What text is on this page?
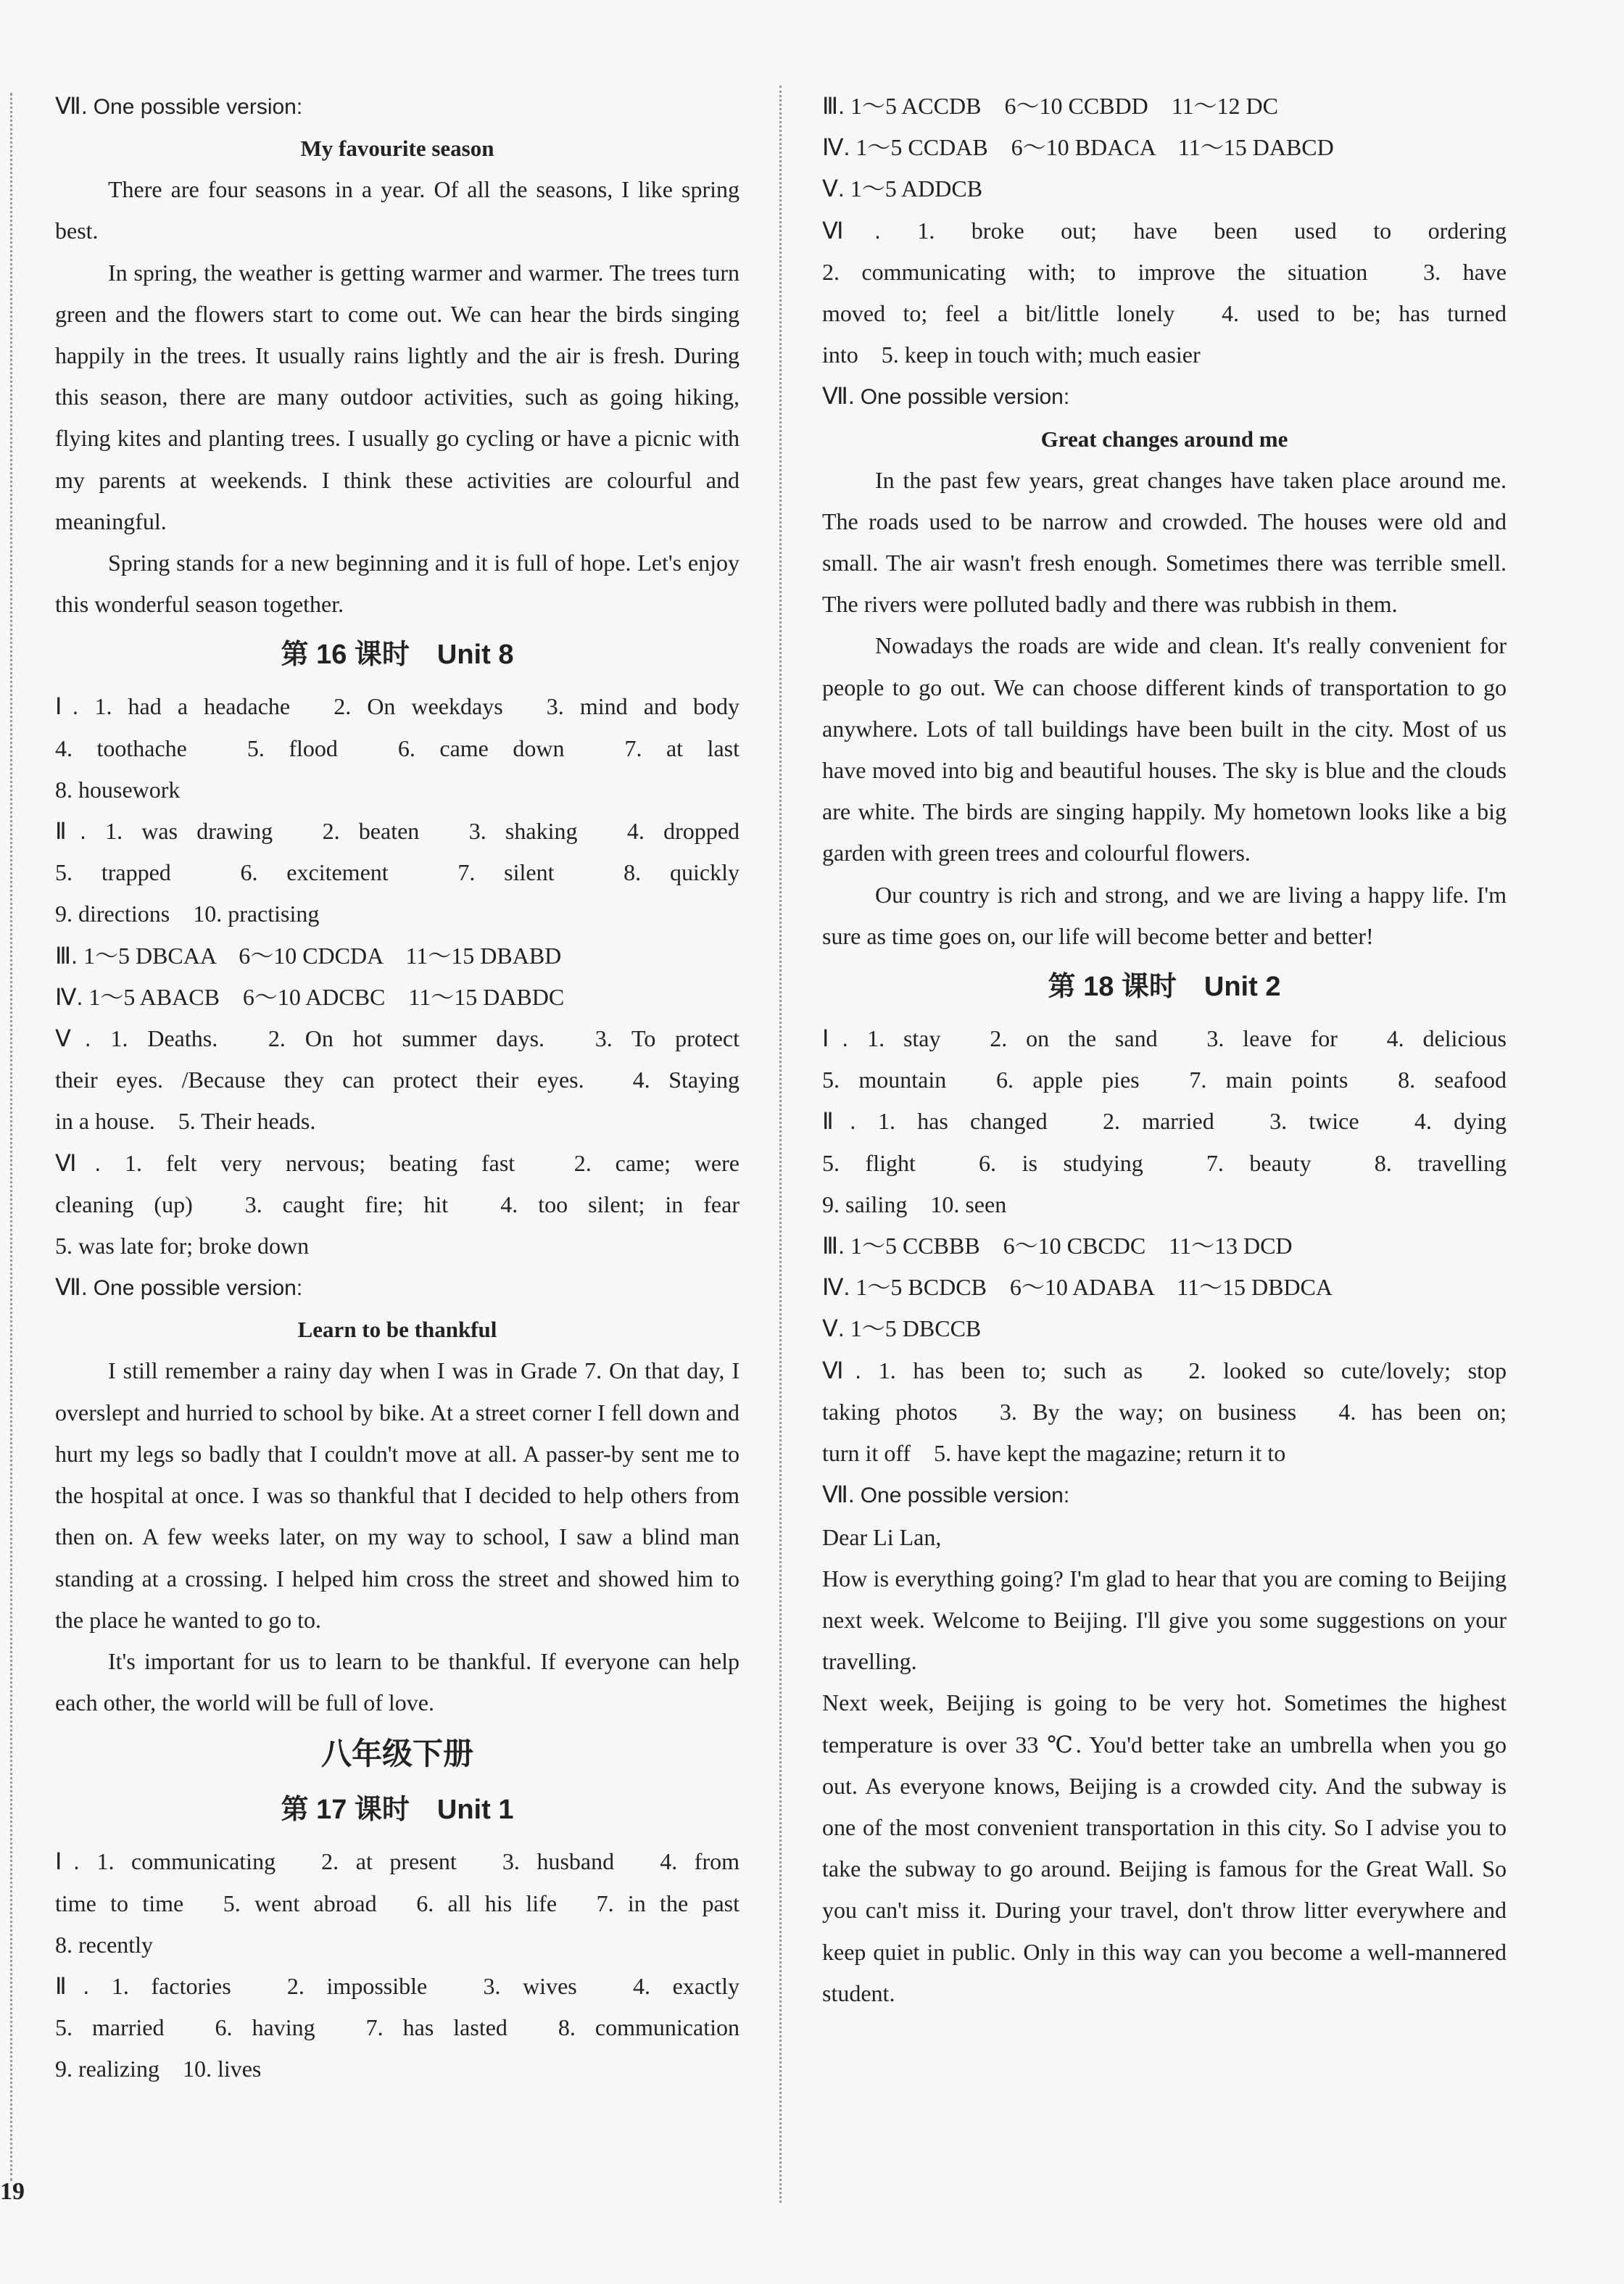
Ⅶ. One possible version:

My favourite season

There are four seasons in a year. Of all the seasons, I like spring best.

In spring, the weather is getting warmer and warmer. The trees turn green and the flowers start to come out. We can hear the birds singing happily in the trees. It usually rains lightly and the air is fresh. During this season, there are many outdoor activities, such as going hiking, flying kites and planting trees. I usually go cycling or have a picnic with my parents at weekends. I think these activities are colourful and meaningful.

Spring stands for a new beginning and it is full of hope. Let's enjoy this wonderful season together.

第 16 课时　Unit 8

Ⅰ. 1. had a headache　2. On weekdays　3. mind and body

4. toothache　5. flood　6. came down　7. at last

8. housework

Ⅱ. 1. was drawing　2. beaten　3. shaking　4. dropped

5. trapped　6. excitement　7. silent　8. quickly

9. directions　10. practising

Ⅲ. 1～5 DBCAA　6～10 CDCDA　11～15 DBABD

Ⅳ. 1～5 ABACB　6～10 ADCBC　11～15 DABDC

Ⅴ. 1. Deaths.　2. On hot summer days.　3. To protect

their eyes. /Because they can protect their eyes.　4. Staying

in a house.　5. Their heads.

Ⅵ. 1. felt very nervous; beating fast　2. came; were

cleaning (up)　3. caught fire; hit　4. too silent; in fear

5. was late for; broke down

Ⅶ. One possible version:

Learn to be thankful

I still remember a rainy day when I was in Grade 7. On that day, I overslept and hurried to school by bike. At a street corner I fell down and hurt my legs so badly that I couldn't move at all. A passer-by sent me to the hospital at once. I was so thankful that I decided to help others from then on. A few weeks later, on my way to school, I saw a blind man standing at a crossing. I helped him cross the street and showed him to the place he wanted to go to.

It's important for us to learn to be thankful. If everyone can help each other, the world will be full of love.

八年级下册
第 17 课时　Unit 1

Ⅰ. 1. communicating　2. at present　3. husband　4. from

time to time　5. went abroad　6. all his life　7. in the past

8. recently

Ⅱ. 1. factories　2. impossible　3. wives　4. exactly

5. married　6. having　7. has lasted　8. communication

9. realizing　10. lives

Ⅲ. 1～5 ACCDB　6～10 CCBDD　11～12 DC

Ⅳ. 1～5 CCDAB　6～10 BDACA　11～15 DABCD

Ⅴ. 1～5 ADDCB

Ⅵ. 1. broke out; have been used to ordering

2. communicating with; to improve the situation　3. have

moved to; feel a bit/little lonely　4. used to be; has turned

into　5. keep in touch with; much easier

Ⅶ. One possible version:

Great changes around me

In the past few years, great changes have taken place around me. The roads used to be narrow and crowded. The houses were old and small. The air wasn't fresh enough. Sometimes there was terrible smell. The rivers were polluted badly and there was rubbish in them.

Nowadays the roads are wide and clean. It's really convenient for people to go out. We can choose different kinds of transportation to go anywhere. Lots of tall buildings have been built in the city. Most of us have moved into big and beautiful houses. The sky is blue and the clouds are white. The birds are singing happily. My hometown looks like a big garden with green trees and colourful flowers.

Our country is rich and strong, and we are living a happy life. I'm sure as time goes on, our life will become better and better!

第 18 课时　Unit 2

Ⅰ. 1. stay　2. on the sand　3. leave for　4. delicious

5. mountain　6. apple pies　7. main points　8. seafood

Ⅱ. 1. has changed　2. married　3. twice　4. dying

5. flight　6. is studying　7. beauty　8. travelling

9. sailing　10. seen

Ⅲ. 1～5 CCBBB　6～10 CBCDC　11～13 DCD

Ⅳ. 1～5 BCDCB　6～10 ADABA　11～15 DBDCA

Ⅴ. 1～5 DBCCB

Ⅵ. 1. has been to; such as　2. looked so cute/lovely; stop

taking photos　3. By the way; on business　4. has been on;

turn it off　5. have kept the magazine; return it to

Ⅶ. One possible version:

Dear Li Lan,

How is everything going? I'm glad to hear that you are coming to Beijing next week. Welcome to Beijing. I'll give you some suggestions on your travelling.

Next week, Beijing is going to be very hot. Sometimes the highest temperature is over 33 ℃. You'd better take an umbrella when you go out. As everyone knows, Beijing is a crowded city. And the subway is one of the most convenient transportation in this city. So I advise you to take the subway to go around. Beijing is famous for the Great Wall. So you can't miss it. During your travel, don't throw litter everywhere and keep quiet in public. Only in this way can you become a well-mannered student.

19
